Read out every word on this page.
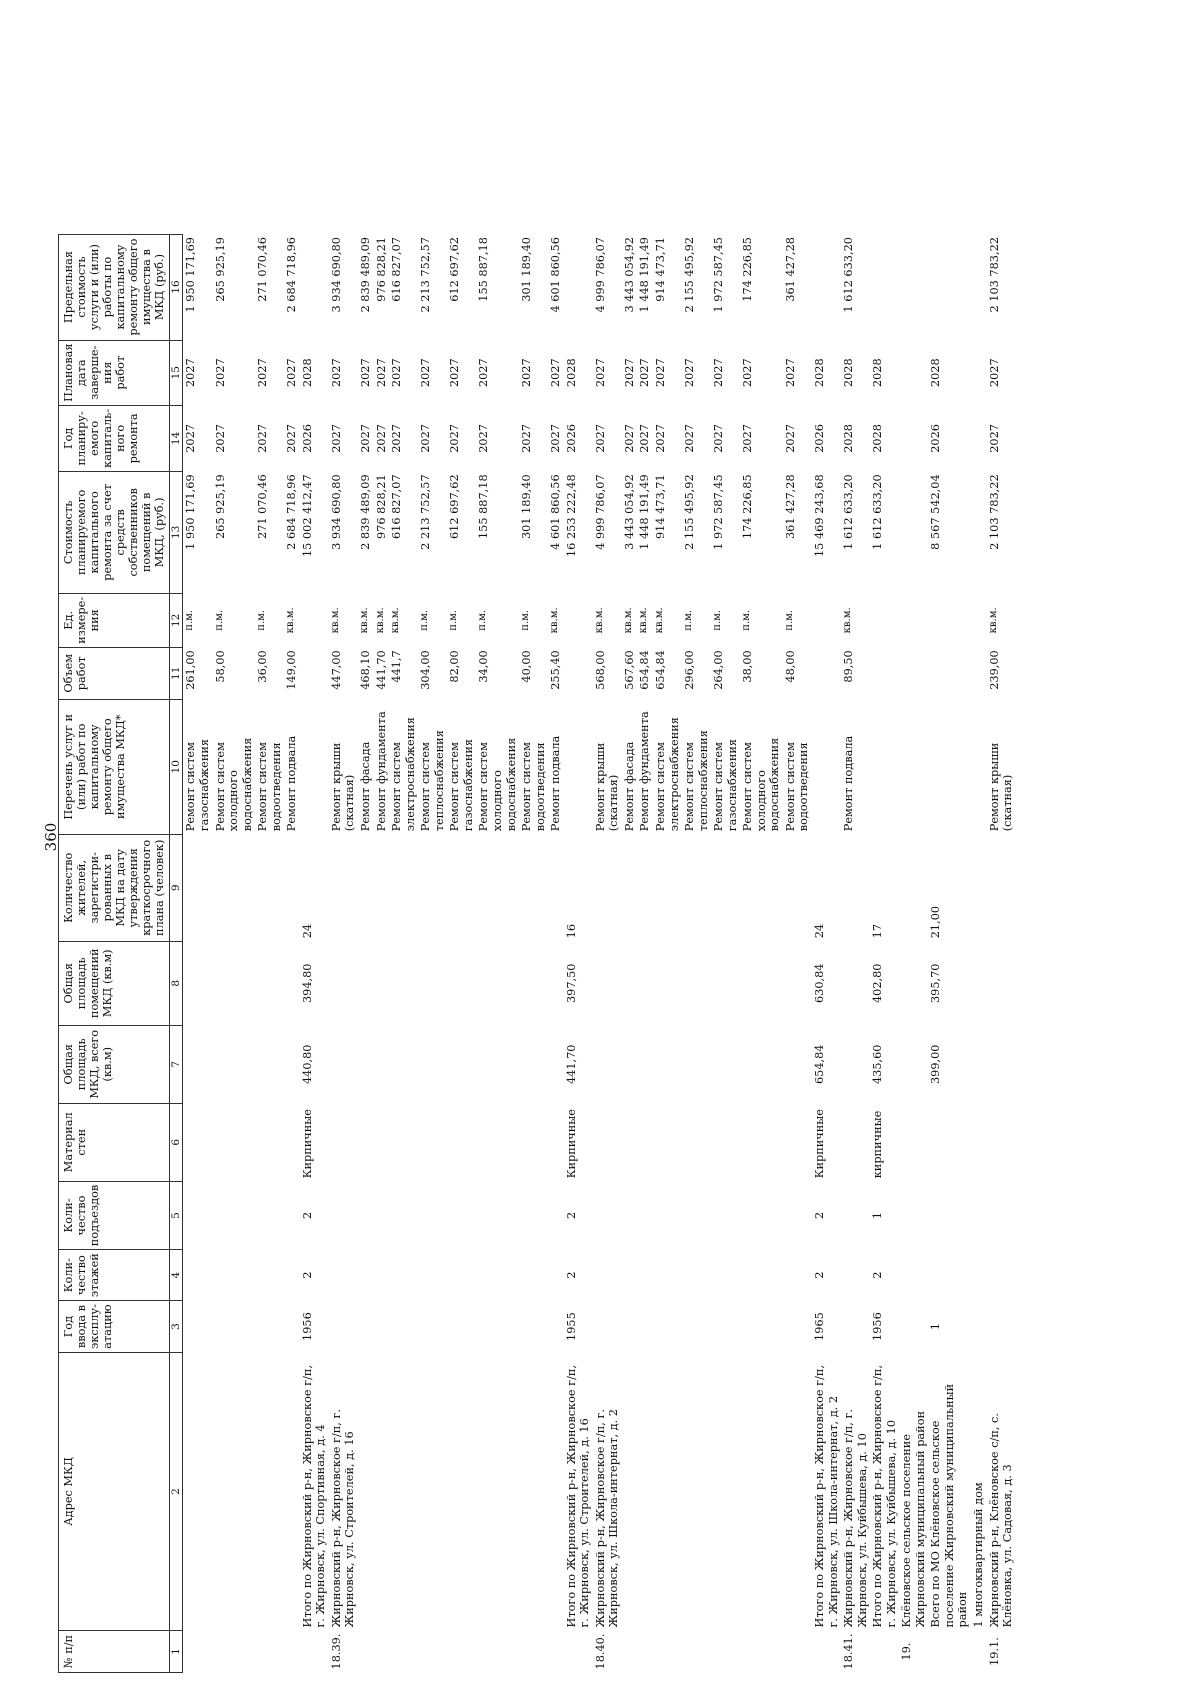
360
№ п/п	Адрес МКД	Год ввода в эксплу-атацию	Коли-чество этажей	Коли-чество подъездов	Материал стен	Общая площадь МКД, всего (кв.м)	Общая площадь помещений МКД (кв.м)	Количество жителей, зарегистри-рованных в МКД на дату утверждения краткосрочного плана (человек)	Перечень услуг и (или) работ по капитальному ремонту общего имущества МКД*	Объем работ	Ед. измере-ния	Стоимость планируемого капитального ремонта за счет средств собственников помещений в МКД, (руб.)	Год планиру-емого капиталь-ного ремонта	Плановая дата заверше-ния работ	Предельная стоимость услуги и (или) работы по капитальному ремонту общего имущества в МКД (руб.)
1	2	3	4	5	6	7	8	9	10	11	12	13	14	15	16
									Ремонт систем газоснабжения	261,00	п.м.	1 950 171,69	2027	2027	1 950 171,69
									Ремонт систем холодного водоснабжения	58,00	п.м.	265 925,19	2027	2027	265 925,19
									Ремонт систем водоотведения	36,00	п.м.	271 070,46	2027	2027	271 070,46
									Ремонт подвала	149,00	кв.м.	2 684 718,96	2027	2027	2 684 718,96
	Итого по Жирновский р-н, Жирновское г/п, г. Жирновск, ул. Спортивная, д. 4	1956	2	2	Кирпичные	440,80	394,80	24				15 002 412,47	2026	2028	
18.39.	Жирновский р-н, Жирновское г/п, г. Жирновск, ул. Строителей, д. 16								Ремонт крыши (скатная)	447,00	кв.м.	3 934 690,80	2027	2027	3 934 690,80
									Ремонт фасада	468,10	кв.м.	2 839 489,09	2027	2027	2 839 489,09
									Ремонт фундамента	441,70	кв.м.	976 828,21	2027	2027	976 828,21
									Ремонт систем электроснабжения	441,7	кв.м.	616 827,07	2027	2027	616 827,07
									Ремонт систем теплоснабжения	304,00	п.м.	2 213 752,57	2027	2027	2 213 752,57
									Ремонт систем газоснабжения	82,00	п.м.	612 697,62	2027	2027	612 697,62
									Ремонт систем холодного водоснабжения	34,00	п.м.	155 887,18	2027	2027	155 887,18
									Ремонт систем водоотведения	40,00	п.м.	301 189,40	2027	2027	301 189,40
									Ремонт подвала	255,40	кв.м.	4 601 860,56	2027	2027	4 601 860,56
	Итого по Жирновский р-н, Жирновское г/п, г. Жирновск, ул. Строителей, д. 16	1955	2	2	Кирпичные	441,70	397,50	16				16 253 222,48	2026	2028	
18.40.	Жирновский р-н, Жирновское г/п, г. Жирновск, ул. Школа-интернат, д. 2								Ремонт крыши (скатная)	568,00	кв.м.	4 999 786,07	2027	2027	4 999 786,07
									Ремонт фасада	567,60	кв.м.	3 443 054,92	2027	2027	3 443 054,92
									Ремонт фундамента	654,84	кв.м.	1 448 191,49	2027	2027	1 448 191,49
									Ремонт систем электроснабжения	654,84	кв.м.	914 473,71	2027	2027	914 473,71
									Ремонт систем теплоснабжения	296,00	п.м.	2 155 495,92	2027	2027	2 155 495,92
									Ремонт систем газоснабжения	264,00	п.м.	1 972 587,45	2027	2027	1 972 587,45
									Ремонт систем холодного водоснабжения	38,00	п.м.	174 226,85	2027	2027	174 226,85
									Ремонт систем водоотведения	48,00	п.м.	361 427,28	2027	2027	361 427,28
	Итого по Жирновский р-н, Жирновское г/п, г. Жирновск, ул. Школа-интернат, д. 2	1965	2	2	Кирпичные	654,84	630,84	24				15 469 243,68	2026	2028	
18.41.	Жирновский р-н, Жирновское г/п, г. Жирновск, ул. Куйбышева, д. 10								Ремонт подвала	89,50	кв.м.	1 612 633,20	2028	2028	1 612 633,20
	Итого по Жирновский р-н, Жирновское г/п, г. Жирновск, ул. Куйбышева, д. 10	1956	2	1	кирпичные	435,60	402,80	17				1 612 633,20	2028	2028	
19.	Клёновское сельское поселение Жирновский муниципальный район														
	Всего по МО Клёновское сельское поселение Жирновский муниципальный район	1				399,00	395,70	21,00				8 567 542,04	2026	2028	
	1 многоквартирный дом														
19.1.	Жирновский р-н, Клёновское с/п, с. Клёновка, ул. Садовая, д. 3								Ремонт крыши (скатная)	239,00	кв.м.	2 103 783,22	2027	2027	2 103 783,22
